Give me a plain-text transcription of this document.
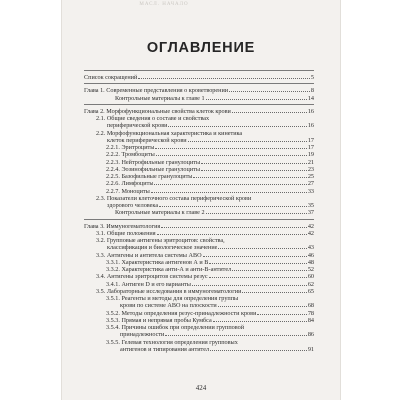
МАСЛ. НАЧАЛО
ОГЛАВЛЕНИЕ
Список сокращений	5
Глава 1. Современные представления о кроветворении	8
Контрольные материалы к главе 1	14
Глава 2. Морфофункциональные свойства клеток крови	16
2.1. Общие сведения о составе и свойствах
периферической крови	16
2.2. Морфофункциональная характеристика и кинетика
клеток периферической крови	17
2.2.1. Эритроциты	17
2.2.2. Тромбоциты	19
2.2.3. Нейтрофильные гранулоциты	21
2.2.4. Эозинофильные гранулоциты	23
2.2.5. Базофильные гранулоциты	25
2.2.6. Лимфоциты	27
2.2.7. Моноциты	33
2.3. Показатели клеточного состава периферической крови
здорового человека	35
Контрольные материалы к главе 2	37
Глава 3. Иммуногематология	42
3.1. Общие положения	42
3.2. Групповые антигены эритроцитов: свойства,
классификация и биологическое значение	43
3.3. Антигены и антитела системы АВО	46
3.3.1. Характеристика антигенов А и В	48
3.3.2. Характеристика анти-А и анти-В-антител	52
3.4. Антигены эритроцитов системы резус	60
3.4.1. Антиген D и его варианты	62
3.5. Лабораторные исследования в иммуногематологии	65
3.5.1. Реагенты и методы для определения группы
крови по системе АВО на плоскости	68
3.5.2. Методы определения резус-принадлежности крови	78
3.5.3. Прямая и непрямая пробы Кумбса	84
3.5.4. Причины ошибок при определении групповой
принадлежности	86
3.5.5. Гелевая технология определения групповых
антигенов и типирования антител	91
424
